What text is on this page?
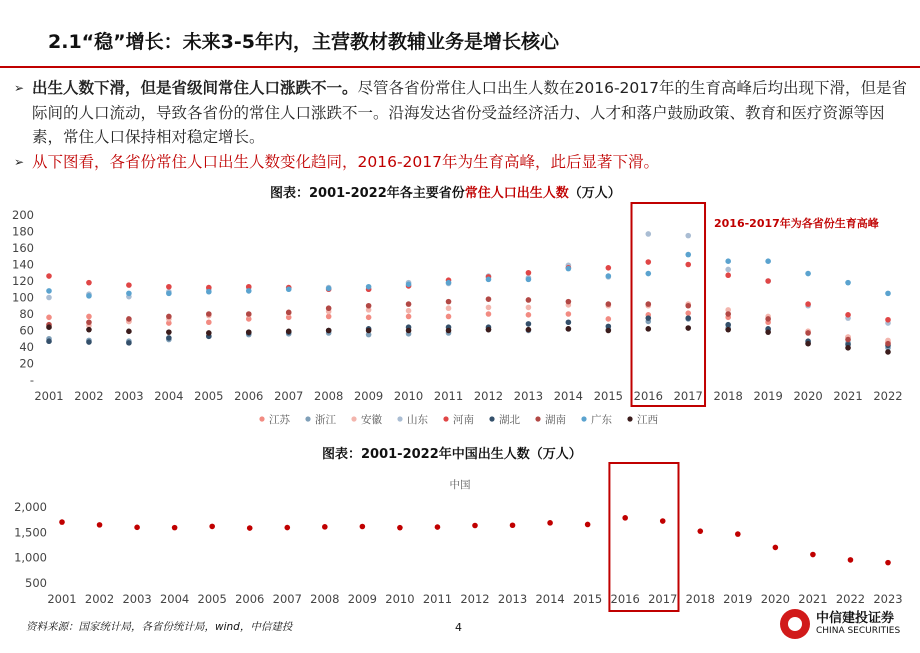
2.1“稳”增长：未来3-5年内，主营教材教辅业务是增长核心
➢ 出生人数下滑，但是省级间常住人口涨跌不一。尽管各省份常住人口出生人数在2016-2017年的生育高峰后均出现下滑，但是省际间的人口流动，导致各省份的常住人口涨跌不一。沿海发达省份受益经济活力、人才和落户鼓励政策、教育和医疗资源等因素，常住人口保持相对稳定增长。
➢ 从下图看，各省份常住人口出生人数变化趋同，2016-2017年为生育高峰，此后显著下滑。
图表：2001-2022年各主要省份常住人口出生人数（万人）
-
20
40
60
80
100
120
140
160
180
200
2001 2002 2003 2004 2005 2006 2007 2008 2009 2010 2011 2012 2013 2014 2015 2016 2017 2018 2019 2020 2021 2022
2016-2017年为各省份生育高峰
江苏 浙江 安徽 山东 河南 湖北 湖南 广东 江西
图表：2001-2022年中国出生人数（万人）
500
1,000
1,500
2,000
2001 2002 2003 2004 2005 2006 2007 2008 2009 2010 2011 2012 2013 2014 2015 2016 2017 2018 2019 2020 2021 2022 2023
中国
资料来源：国家统计局，各省份统计局，wind，中信建投	4
中信建投证券
CHINA SECURITIES
